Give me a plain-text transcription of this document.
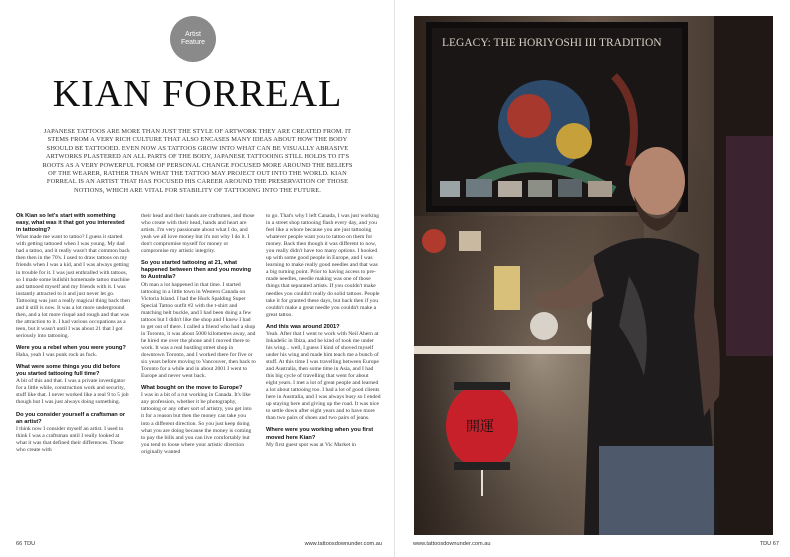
Artist
Feature
KIAN FORREAL

JAPANESE TATTOOS ARE MORE THAN JUST THE STYLE OF ARTWORK THEY ARE CREATED FROM. IT STEMS FROM A VERY RICH CULTURE THAT ALSO ENCASES MANY IDEAS ABOUT HOW THE BODY SHOULD BE TATTOOED. EVEN NOW AS TATTOOS GROW INTO WHAT CAN BE VISUALLY ABRASIVE ARTWORKS PLASTERED AN ALL PARTS OF THE BODY, JAPANESE TATTOOING STILL HOLDS TO IT'S ROOTS AS A VERY POWERFUL FORM OF PERSONAL CHANGE FOCUSED MORE AROUND THE BELIEFS OF THE WEARER, RATHER THAN WHAT THE TATTOO MAY PROJECT OUT INTO THE WORLD. KIAN FORREAL IS AN ARTIST THAT HAS FOCUSED HIS CAREER AROUND THE PRESERVATION OF THOSE NOTIONS, WHICH ARE VITAL FOR STABILITY OF TATTOOING INTO THE FUTURE.

Ok Kian so let's start with something easy, what was it that got you interested in tattooing?

What made me want to tattoo? I guess it started with getting tattooed when I was young. My dad had a tattoo, and it really wasn't that common back then then in the 70's. I used to draw tattoos on my friends when I was a kid, and I was always getting in trouble for it. I was just enthralled with tattoos, so I made some bullshit homemade tattoo machine and tattooed myself and my friends with it. I was instantly attracted to it and just never let go. Tattooing was just a really magical thing back then and it still is now. It was a lot more underground then, and a lot more risqué and rough and that was the attraction to it. I had various occupations as a teen, but it wasn't until I was about 21 that I got seriously into tattooing.

Were you a rebel when you were young?

Haha, yeah I was punk rock as fuck.

What were some things you did before you started tattooing full time?

A bit of this and that. I was a private investigator for a little while, construction work and security, stuff like that. I never worked like a real 9 to 5 job though but I was just always doing something.

Do you consider yourself a craftsman or an artist?

I think now I consider myself an artist. I used to think I was a craftsman until I really looked at what it was that defined their differences. Those who create with

their head and their hands are craftsmen, and those who create with their head, hands and heart are artists. I'm very passionate about what I do, and yeah we all love money but it's not why I do it. I don't compromise myself for money or compromise my artistic integrity.

So you started tattooing at 21, what happened between then and you moving to Australia?

Oh man a lot happened in that time. I started tattooing in a little town in Western Canada on Victoria Island. I had the Huck Spalding Super Special Tattoo outfit #2 with the t-shirt and matching belt buckle, and I had been doing a few tattoos but I didn't like the shop and I knew I had to get out of there. I called a friend who had a shop in Toronto, it was about 5000 kilometres away, and he hired me over the phone and I moved there to work. It was a real hustling street shop in downtown Toronto, and I worked there for five or six years before moving to Vancouver, then back to Toronto for a while and in about 2001 I went to Europe and never went back.

What bought on the move to Europe?

I was in a bit of a rut working in Canada. It's like any profession, whether it be photography, tattooing or any other sort of artistry, you get into it for a reason but then the money can take you into a different direction. So you just keep doing what you are doing because the money is coming to pay the bills and you can live comfortably but you tend to loose where your artistic direction originally wanted

to go. That's why I left Canada, I was just working in a street shop tattooing flash every day, and you feel like a whore because you are just tattooing whatever people want you to tattoo on them for money. Back then though it was different to now, you really didn't have too many options. I hooked up with some good people in Europe, and I was learning to make really good needles and that was a big turning point. Prior to having access to pre-made needles, needle making was one of those things that separated artists. If you couldn't make needles you couldn't really do solid tattoos. People take it for granted these days, but back then if you couldn't make a great needle you couldn't make a great tattoo.

And this was around 2001?

Yeah. After that I went to work with Neil Ahern at Inkadelic in Ibiza, and he kind of took me under his wing... well, I guess I kind of shoved myself under his wing and made him teach me a bunch of stuff. At this time I was travelling between Europe and Australia, then some time in Asia, and I had this big cycle of travelling that went for about eight years. I met a lot of great people and learned a lot about tattooing too. I had a lot of good clients here in Australia, and I was always busy so I ended up staying here and giving up the road. It was nice to settle down after eight years and to have more than two pairs of shoes and two pairs of jeans.

Where were you working when you first moved here Kian?

My first guest spot was at Vic Market in

66 TDU	www.tattoosdownunder.com.au
LEGACY: THE HORIYOSHI III TRADITION
開運
www.tattoosdownunder.com.au	TDU 67
